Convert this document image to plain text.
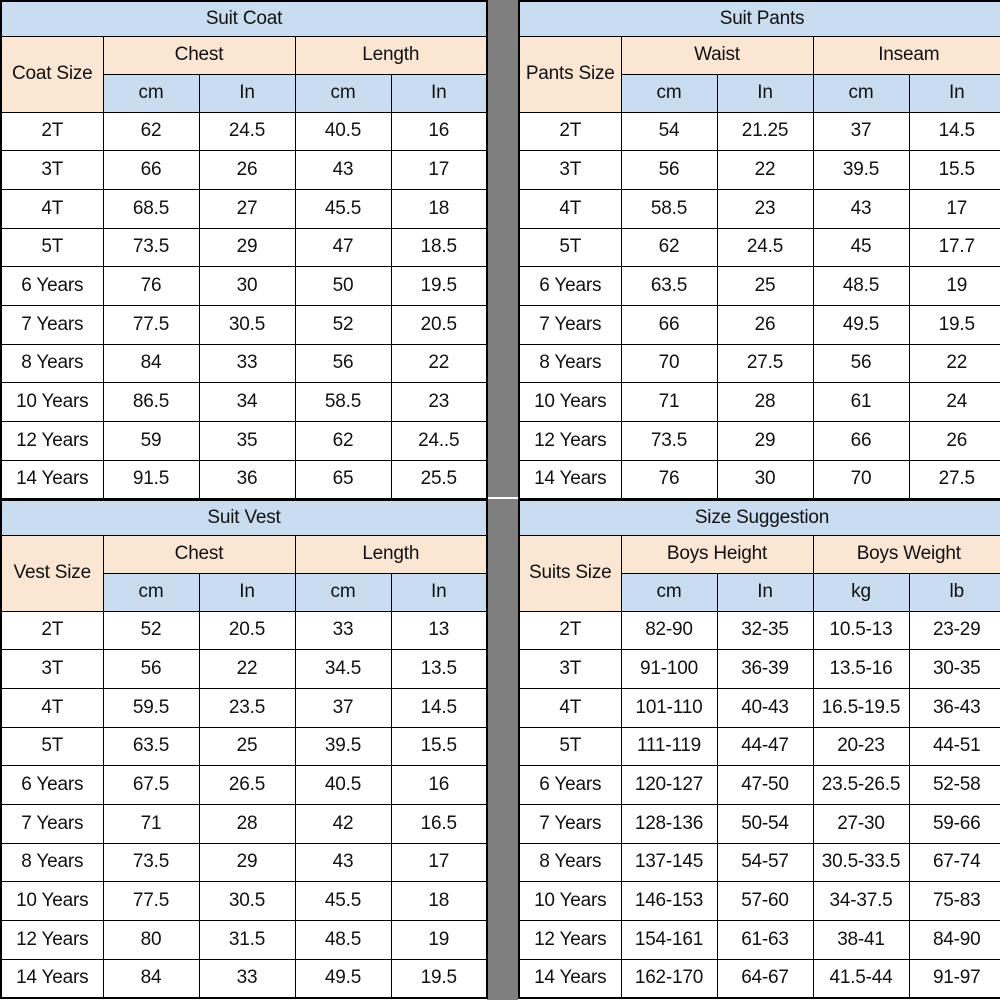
Suit Coat				
Coat Size	Chest		Length	
	cm	In	cm	In
2T	62	24.5	40.5	16
3T	66	26	43	17
4T	68.5	27	45.5	18
5T	73.5	29	47	18.5
6 Years	76	30	50	19.5
7 Years	77.5	30.5	52	20.5
8 Years	84	33	56	22
10 Years	86.5	34	58.5	23
12 Years	59	35	62	24..5
14 Years	91.5	36	65	25.5
Suit Pants				
Pants Size	Waist		Inseam	
	cm	In	cm	In
2T	54	21.25	37	14.5
3T	56	22	39.5	15.5
4T	58.5	23	43	17
5T	62	24.5	45	17.7
6 Years	63.5	25	48.5	19
7 Years	66	26	49.5	19.5
8 Years	70	27.5	56	22
10 Years	71	28	61	24
12 Years	73.5	29	66	26
14 Years	76	30	70	27.5
Suit Vest				
Vest Size	Chest		Length	
	cm	In	cm	In
2T	52	20.5	33	13
3T	56	22	34.5	13.5
4T	59.5	23.5	37	14.5
5T	63.5	25	39.5	15.5
6 Years	67.5	26.5	40.5	16
7 Years	71	28	42	16.5
8 Years	73.5	29	43	17
10 Years	77.5	30.5	45.5	18
12 Years	80	31.5	48.5	19
14 Years	84	33	49.5	19.5
Size Suggestion				
Suits Size	Boys Height		Boys Weight	
	cm	In	kg	lb
2T	82-90	32-35	10.5-13	23-29
3T	91-100	36-39	13.5-16	30-35
4T	101-110	40-43	16.5-19.5	36-43
5T	111-119	44-47	20-23	44-51
6 Years	120-127	47-50	23.5-26.5	52-58
7 Years	128-136	50-54	27-30	59-66
8 Years	137-145	54-57	30.5-33.5	67-74
10 Years	146-153	57-60	34-37.5	75-83
12 Years	154-161	61-63	38-41	84-90
14 Years	162-170	64-67	41.5-44	91-97
